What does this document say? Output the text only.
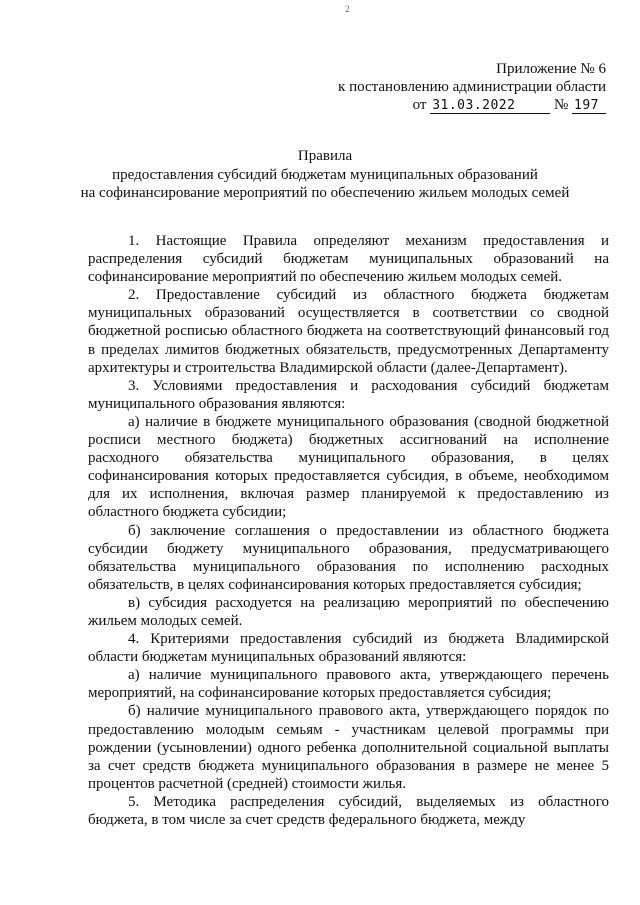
2
Приложение № 6
к постановлению администрации области
от 31.03.2022	№ 197
Правила
предоставления субсидий бюджетам муниципальных образований
на софинансирование мероприятий по обеспечению жильем молодых семей

1. Настоящие Правила определяют механизм предоставления и распределения субсидий бюджетам муниципальных образований на софинансирование мероприятий по обеспечению жильем молодых семей.

2. Предоставление субсидий из областного бюджета бюджетам муниципальных образований осуществляется в соответствии со сводной бюджетной росписью областного бюджета на соответствующий финансовый год в пределах лимитов бюджетных обязательств, предусмотренных Департаменту архитектуры и строительства Владимирской области (далее-Департамент).

3. Условиями предоставления и расходования субсидий бюджетам муниципального образования являются:

а) наличие в бюджете муниципального образования (сводной бюджетной росписи местного бюджета) бюджетных ассигнований на исполнение расходного обязательства муниципального образования, в целях софинансирования которых предоставляется субсидия, в объеме, необходимом для их исполнения, включая размер планируемой к предоставлению из областного бюджета субсидии;

б) заключение соглашения о предоставлении из областного бюджета субсидии бюджету муниципального образования, предусматривающего обязательства муниципального образования по исполнению расходных обязательств, в целях софинансирования которых предоставляется субсидия;

в) субсидия расходуется на реализацию мероприятий по обеспечению жильем молодых семей.

4. Критериями предоставления субсидий из бюджета Владимирской области бюджетам муниципальных образований являются:

а) наличие муниципального правового акта, утверждающего перечень мероприятий, на софинансирование которых предоставляется субсидия;

б) наличие муниципального правового акта, утверждающего порядок по предоставлению молодым семьям - участникам целевой программы при рождении (усыновлении) одного ребенка дополнительной социальной выплаты за счет средств бюджета муниципального образования в размере не менее 5 процентов расчетной (средней) стоимости жилья.

5. Методика распределения субсидий, выделяемых из областного бюджета, в том числе за счет средств федерального бюджета, между
